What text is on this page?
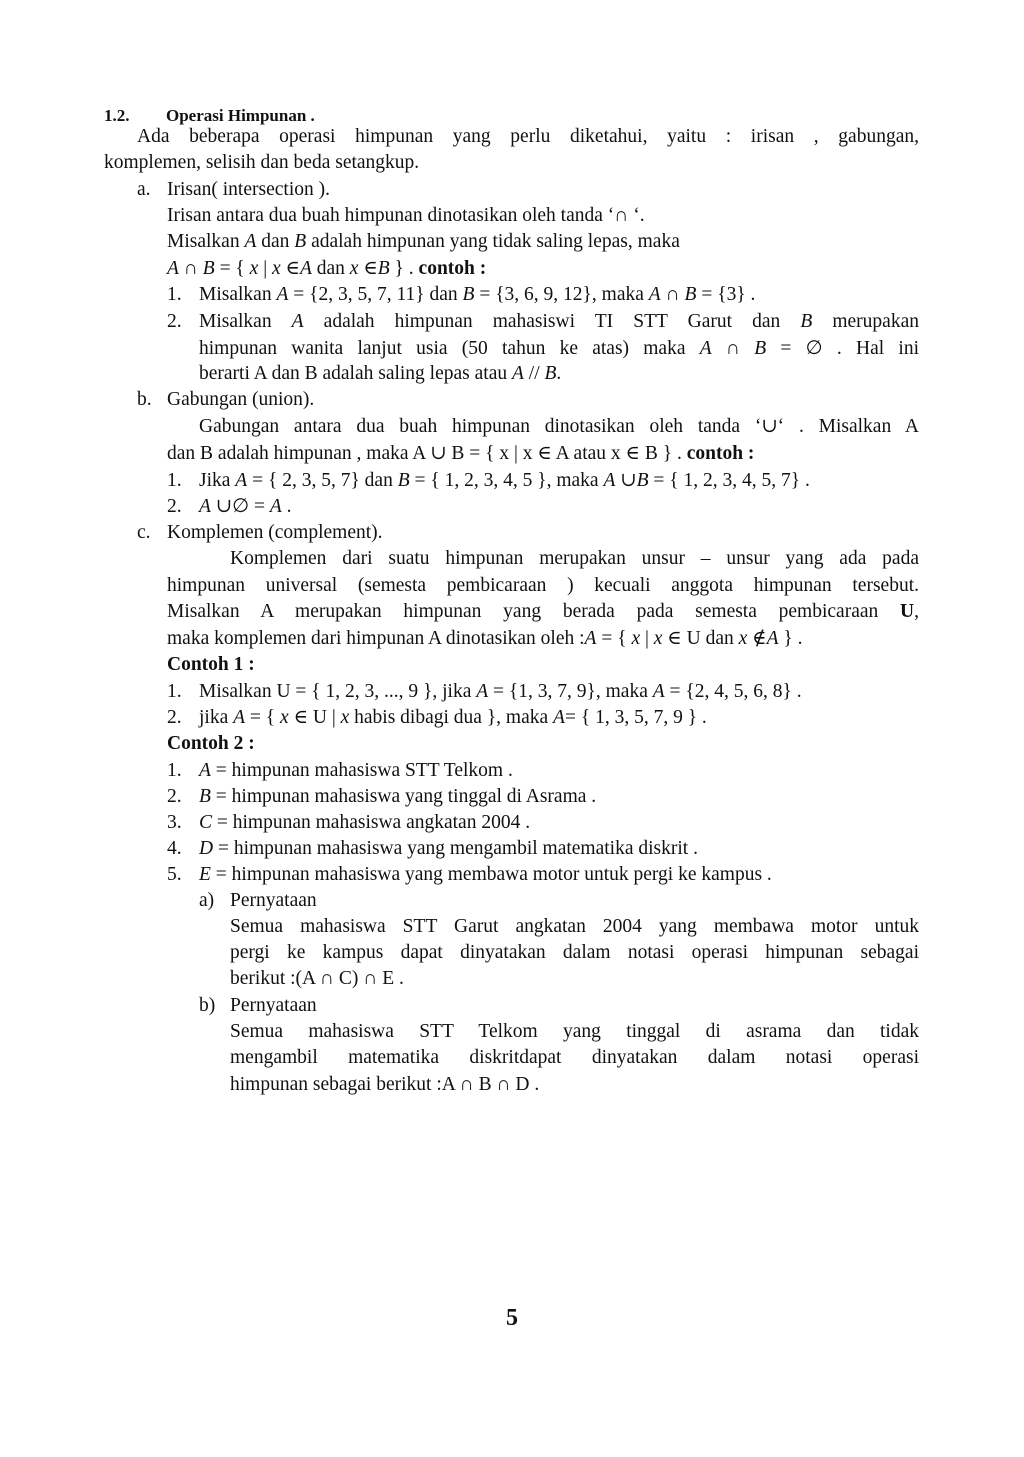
1.2. Operasi Himpunan .
Ada beberapa operasi himpunan yang perlu diketahui, yaitu : irisan , gabungan,
komplemen, selisih dan beda setangkup.
a. Irisan( intersection ).
Irisan antara dua buah himpunan dinotasikan oleh tanda ‘∩ ‘.
Misalkan A dan B adalah himpunan yang tidak saling lepas, maka
A ∩ B = { x | x ∈A dan x ∈B } . contoh :
1. Misalkan A = {2, 3, 5, 7, 11} dan B = {3, 6, 9, 12}, maka A ∩ B = {3} .
2. Misalkan A adalah himpunan mahasiswi TI STT Garut dan B merupakan
himpunan wanita lanjut usia (50 tahun ke atas) maka A ∩ B = ∅ . Hal ini
berarti A dan B adalah saling lepas atau A // B.
b. Gabungan (union).
Gabungan antara dua buah himpunan dinotasikan oleh tanda ‘∪‘ . Misalkan A
dan B adalah himpunan , maka A ∪ B = { x | x ∈ A atau x ∈ B } . contoh :
1. Jika A = { 2, 3, 5, 7} dan B = { 1, 2, 3, 4, 5 }, maka A ∪B = { 1, 2, 3, 4, 5, 7} .
2. A ∪∅ = A .
c. Komplemen (complement).
Komplemen dari suatu himpunan merupakan unsur – unsur yang ada pada
himpunan universal (semesta pembicaraan ) kecuali anggota himpunan tersebut.
Misalkan A merupakan himpunan yang berada pada semesta pembicaraan U,
maka komplemen dari himpunan A dinotasikan oleh :A = { x | x ∈ U dan x ∉A } .
Contoh 1 :
1. Misalkan U = { 1, 2, 3, ..., 9 }, jika A = {1, 3, 7, 9}, maka A = {2, 4, 5, 6, 8} .
2. jika A = { x ∈ U | x habis dibagi dua }, maka A= { 1, 3, 5, 7, 9 } .
Contoh 2 :
1. A = himpunan mahasiswa STT Telkom .
2. B = himpunan mahasiswa yang tinggal di Asrama .
3. C = himpunan mahasiswa angkatan 2004 .
4. D = himpunan mahasiswa yang mengambil matematika diskrit .
5. E = himpunan mahasiswa yang membawa motor untuk pergi ke kampus .
a) Pernyataan
Semua mahasiswa STT Garut angkatan 2004 yang membawa motor untuk
pergi ke kampus dapat dinyatakan dalam notasi operasi himpunan sebagai
berikut :(A ∩ C) ∩ E .
b) Pernyataan
Semua mahasiswa STT Telkom yang tinggal di asrama dan tidak
mengambil matematika diskritdapat dinyatakan dalam notasi operasi
himpunan sebagai berikut :A ∩ B ∩ D .
5
